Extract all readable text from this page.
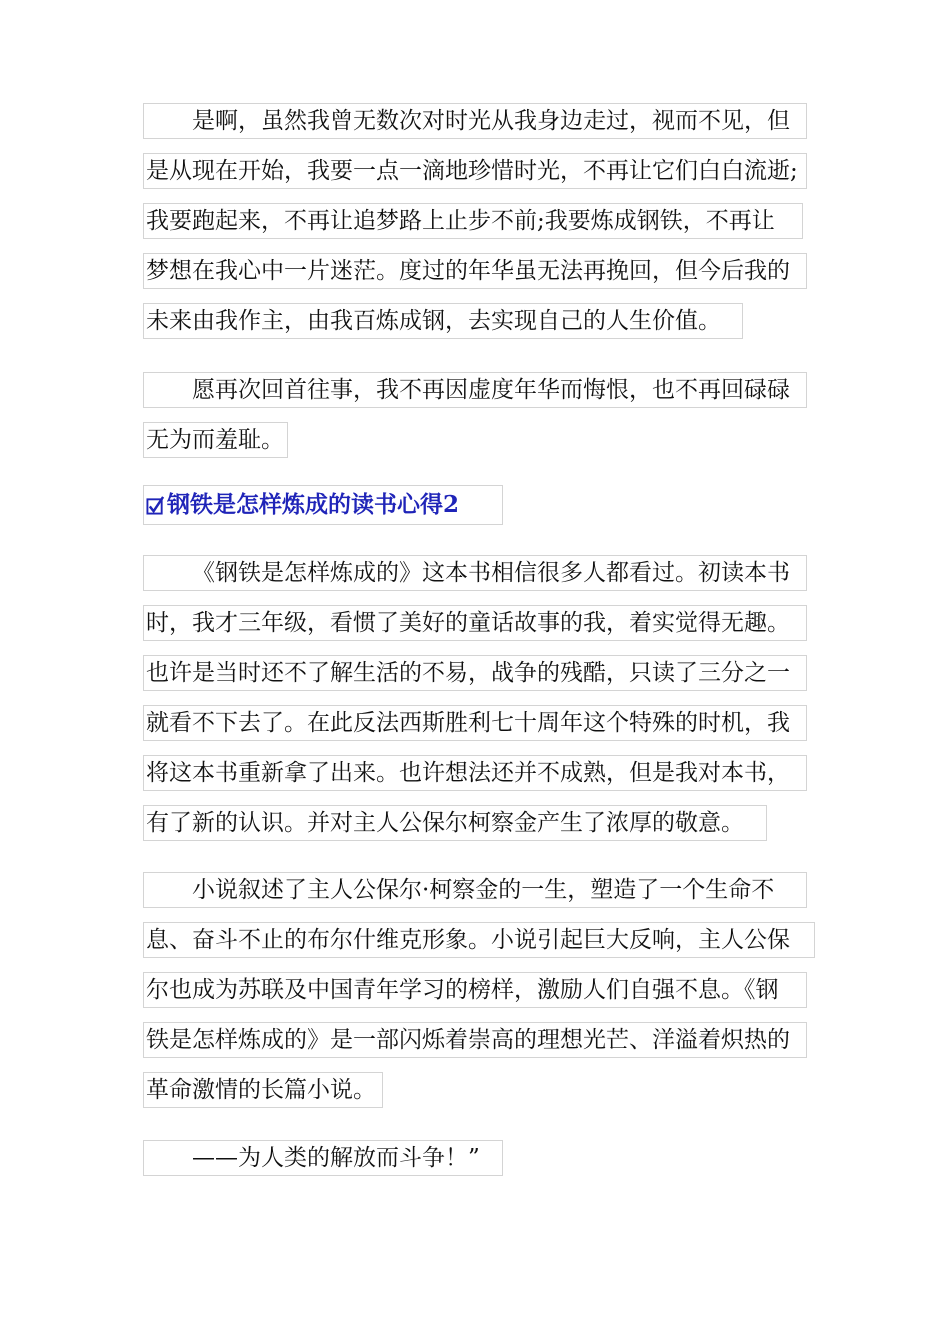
是啊，虽然我曾无数次对时光从我身边走过，视而不见，但
是从现在开始，我要一点一滴地珍惜时光，不再让它们白白流逝;
我要跑起来，不再让追梦路上止步不前;我要炼成钢铁，不再让
梦想在我心中一片迷茫。度过的年华虽无法再挽回，但今后我的
未来由我作主，由我百炼成钢，去实现自己的人生价值。
愿再次回首往事，我不再因虚度年华而悔恨，也不再回碌碌
无为而羞耻。
钢铁是怎样炼成的读书心得2
《钢铁是怎样炼成的》这本书相信很多人都看过。初读本书
时，我才三年级，看惯了美好的童话故事的我，着实觉得无趣。
也许是当时还不了解生活的不易，战争的残酷，只读了三分之一
就看不下去了。在此反法西斯胜利七十周年这个特殊的时机，我
将这本书重新拿了出来。也许想法还并不成熟，但是我对本书，
有了新的认识。并对主人公保尔柯察金产生了浓厚的敬意。
小说叙述了主人公保尔·柯察金的一生，塑造了一个生命不
息、奋斗不止的布尔什维克形象。小说引起巨大反响，主人公保
尔也成为苏联及中国青年学习的榜样，激励人们自强不息。《钢
铁是怎样炼成的》是一部闪烁着崇高的理想光芒、洋溢着炽热的
革命激情的长篇小说。
——为人类的解放而斗争！”
